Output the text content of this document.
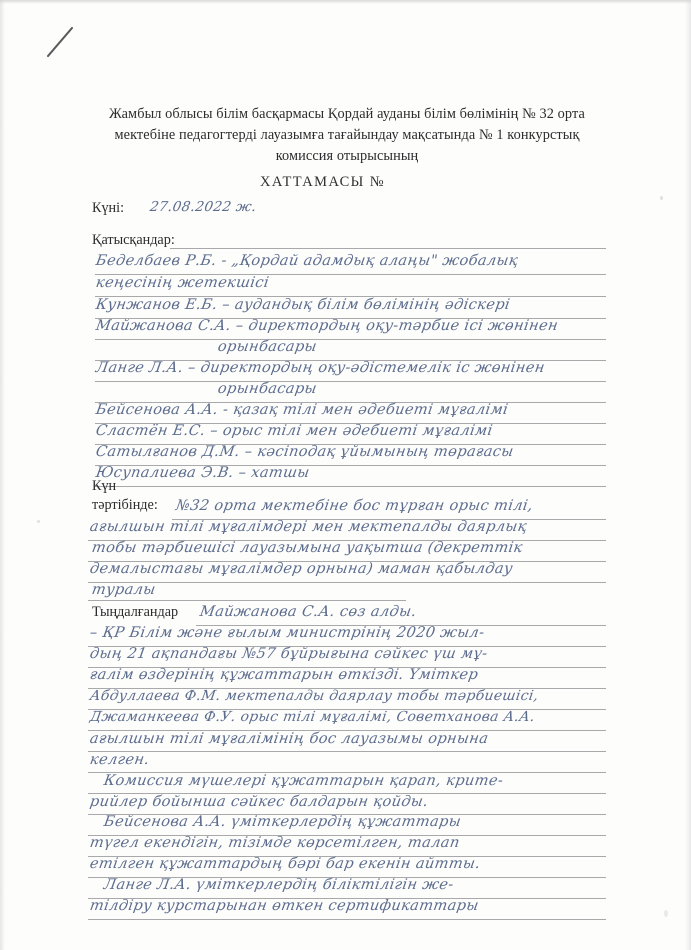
Жамбыл облысы білім басқармасы Қордай ауданы білім бөлімінің № 32 орта
мектебіне педагогтерді лауазымға тағайындау мақсатында № 1 конкурстық
комиссия отырысының
ХАТТАМАСЫ №
Күні: 27.08.2022 ж.
Қатысқандар:
Беделбаев Р.Б. - „Қордай адамдық алаңы" жобалық
кеңесінің жетекшісі
Кунжанов Е.Б. – аудандық білім бөлімінің әдіскері
Майжанова С.А. – директордың оқу-тәрбие ісі жөнінен
орынбасары
Ланге Л.А. – директордың оқу-әдістемелік іс жөнінен
орынбасары
Бейсенова А.А. - қазақ тілі мен әдебиеті мұғалімі
Сластён Е.С. – орыс тілі мен әдебиеті мұғалімі
Сатылғанов Д.М. – кәсіподақ ұйымының төрағасы
Юсупалиева Э.В. – хатшы
Күн
тәртібінде: №32 орта мектебіне бос тұрған орыс тілі,
ағылшын тілі мұғалімдері мен мектепалды даярлық
тобы тәрбиешісі лауазымына уақытша (декреттік
демалыстағы мұғалімдер орнына) маман қабылдау
туралы
Тыңдалғандар Майжанова С.А. сөз алды.
– ҚР Білім және ғылым министрінің 2020 жыл-
дың 21 ақпандағы №57 бұйрығына сәйкес үш мұ-
ғалім өздерінің құжаттарын өткізді. Үміткер
Абдуллаева Ф.М. мектепалды даярлау тобы тәрбиешісі,
Джаманкеева Ф.У. орыс тілі мұғалімі, Советханова А.А.
ағылшын тілі мұғалімінің бос лауазымы орнына
келген.
Комиссия мүшелері құжаттарын қарап, крите-
рийлер бойынша сәйкес балдарын қойды.
Бейсенова А.А. үміткерлердің құжаттары
түгел екендігін, тізімде көрсетілген, талап
етілген құжаттардың бәрі бар екенін айтты.
Ланге Л.А. үміткерлердің біліктілігін же-
тілдіру курстарынан өткен сертификаттары
